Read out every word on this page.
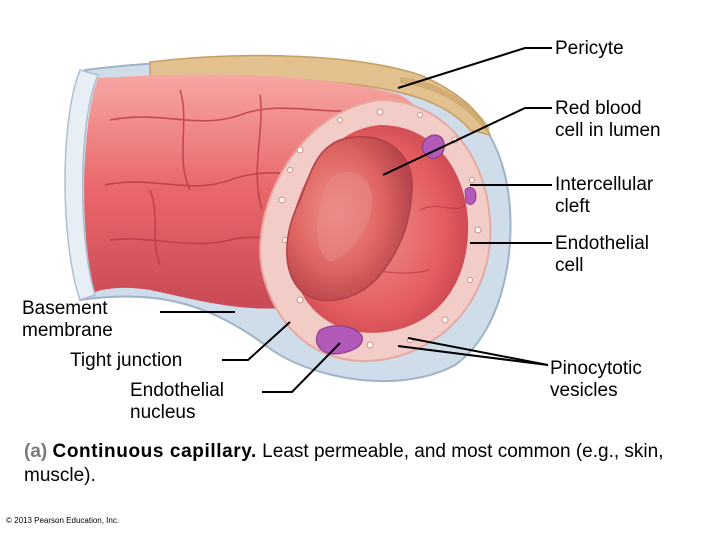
Pericyte
Red blood
cell in lumen
Intercellular
cleft
Endothelial
cell
Basement
membrane
Tight junction
Endothelial
nucleus
Pinocytotic
vesicles
(a) Continuous capillary. Least permeable, and most common (e.g., skin, muscle).
© 2013 Pearson Education, Inc.
